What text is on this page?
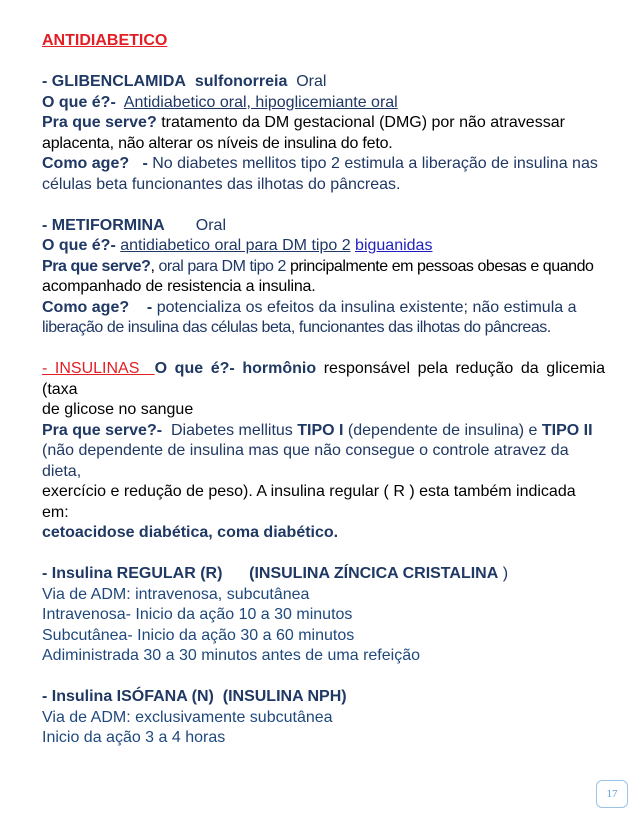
ANTIDIABETICO

- GLIBENCLAMIDA sulfonorreia Oral

O que é?- Antidiabetico oral, hipoglicemiante oral

Pra que serve? tratamento da DM gestacional (DMG) por não atravessar

aplacenta, não alterar os níveis de insulina do feto.

Como age? - No diabetes mellitos tipo 2 estimula a liberação de insulina nas

células beta funcionantes das ilhotas do pâncreas.

- METIFORMINA Oral

O que é?- antidiabetico oral para DM tipo 2 biguanidas

Pra que serve?, oral para DM tipo 2 principalmente em pessoas obesas e quando

acompanhado de resistencia a insulina.

Como age? - potencializa os efeitos da insulina existente; não estimula a

liberação de insulina das células beta, funcionantes das ilhotas do pâncreas.

- INSULINAS O que é?- hormônio responsável pela redução da glicemia (taxa

de glicose no sangue

Pra que serve?- Diabetes mellitus TIPO I (dependente de insulina) e TIPO II

(não dependente de insulina mas que não consegue o controle atravez da dieta,

exercício e redução de peso). A insulina regular ( R ) esta também indicada em:

cetoacidose diabética, coma diabético.

- Insulina REGULAR (R) (INSULINA ZÍNCICA CRISTALINA )

Via de ADM: intravenosa, subcutânea

Intravenosa- Inicio da ação 10 a 30 minutos

Subcutânea- Inicio da ação 30 a 60 minutos

Adiministrada 30 a 30 minutos antes de uma refeição

- Insulina ISÓFANA (N) (INSULINA NPH)

Via de ADM: exclusivamente subcutânea

Inicio da ação 3 a 4 horas

17
